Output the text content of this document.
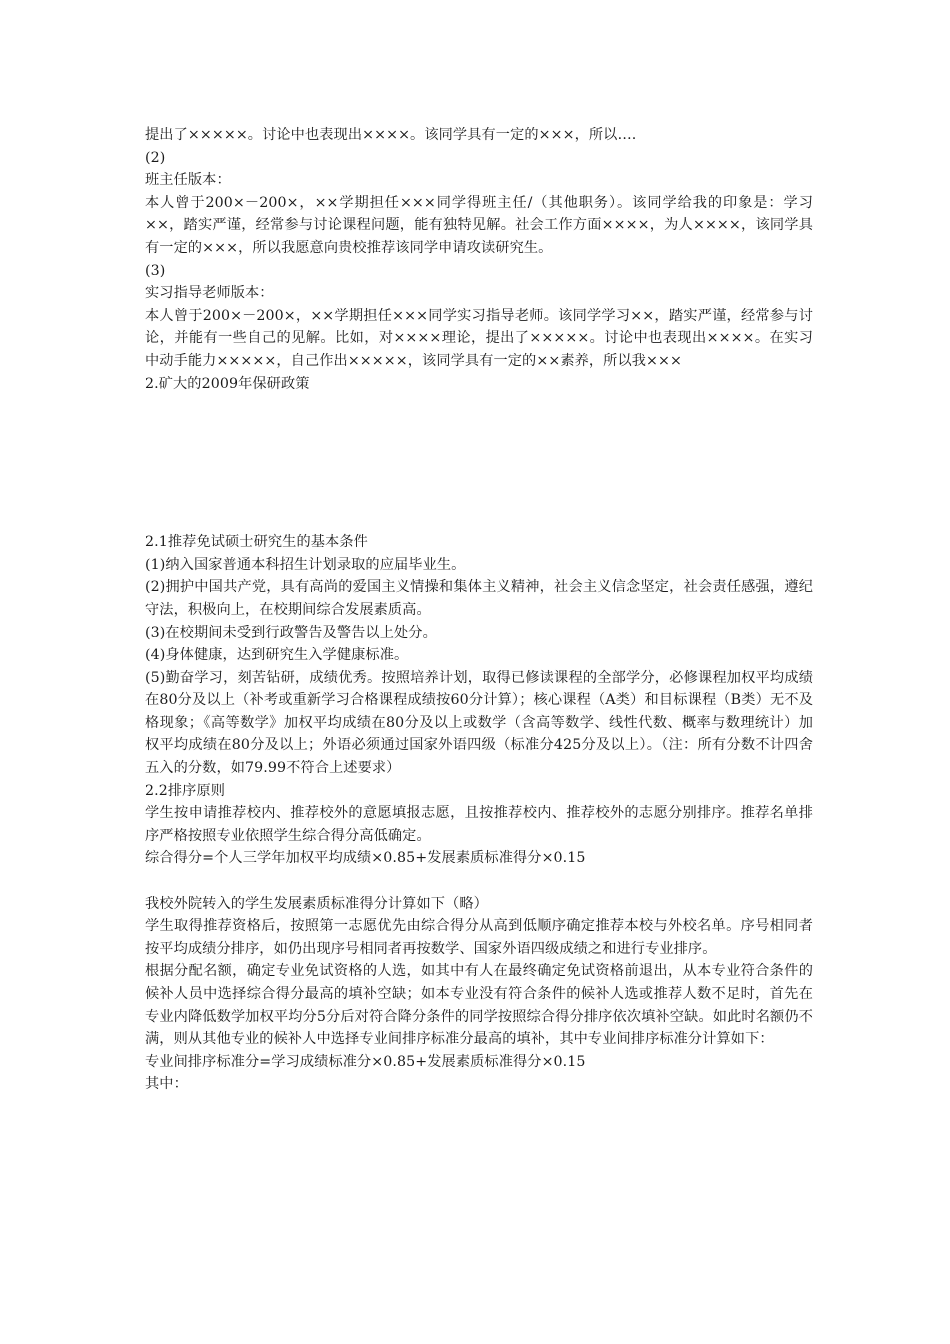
提出了×××××。讨论中也表现出××××。该同学具有一定的×××，所以….

(2)

班主任版本：

本人曾于200×－200×，××学期担任×××同学得班主任/（其他职务）。该同学给我的印象是：学习××，踏实严谨，经常参与讨论课程问题，能有独特见解。社会工作方面××××，为人××××，该同学具有一定的×××，所以我愿意向贵校推荐该同学申请攻读研究生。

(3)

实习指导老师版本：

本人曾于200×－200×，××学期担任×××同学实习指导老师。该同学学习××，踏实严谨，经常参与讨论，并能有一些自己的见解。比如，对××××理论，提出了×××××。讨论中也表现出××××。在实习中动手能力×××××，自己作出×××××，该同学具有一定的××素养，所以我×××

2.矿大的2009年保研政策

2.1推荐免试硕士研究生的基本条件

(1)纳入国家普通本科招生计划录取的应届毕业生。

(2)拥护中国共产党，具有高尚的爱国主义情操和集体主义精神，社会主义信念坚定，社会责任感强，遵纪守法，积极向上，在校期间综合发展素质高。

(3)在校期间未受到行政警告及警告以上处分。

(4)身体健康，达到研究生入学健康标准。

(5)勤奋学习，刻苦钻研，成绩优秀。按照培养计划，取得已修读课程的全部学分，必修课程加权平均成绩在80分及以上（补考或重新学习合格课程成绩按60分计算）；核心课程（A类）和目标课程（B类）无不及格现象；《高等数学》加权平均成绩在80分及以上或数学（含高等数学、线性代数、概率与数理统计）加权平均成绩在80分及以上；外语必须通过国家外语四级（标准分425分及以上）。（注：所有分数不计四舍五入的分数，如79.99不符合上述要求）

2.2排序原则

学生按申请推荐校内、推荐校外的意愿填报志愿，且按推荐校内、推荐校外的志愿分别排序。推荐名单排序严格按照专业依照学生综合得分高低确定。

综合得分=个人三学年加权平均成绩×0.85+发展素质标准得分×0.15

我校外院转入的学生发展素质标准得分计算如下（略）

学生取得推荐资格后，按照第一志愿优先由综合得分从高到低顺序确定推荐本校与外校名单。序号相同者按平均成绩分排序，如仍出现序号相同者再按数学、国家外语四级成绩之和进行专业排序。

根据分配名额，确定专业免试资格的人选，如其中有人在最终确定免试资格前退出，从本专业符合条件的候补人员中选择综合得分最高的填补空缺；如本专业没有符合条件的候补人选或推荐人数不足时，首先在专业内降低数学加权平均分5分后对符合降分条件的同学按照综合得分排序依次填补空缺。如此时名额仍不满，则从其他专业的候补人中选择专业间排序标准分最高的填补，其中专业间排序标准分计算如下：

专业间排序标准分=学习成绩标准分×0.85+发展素质标准得分×0.15

其中：
